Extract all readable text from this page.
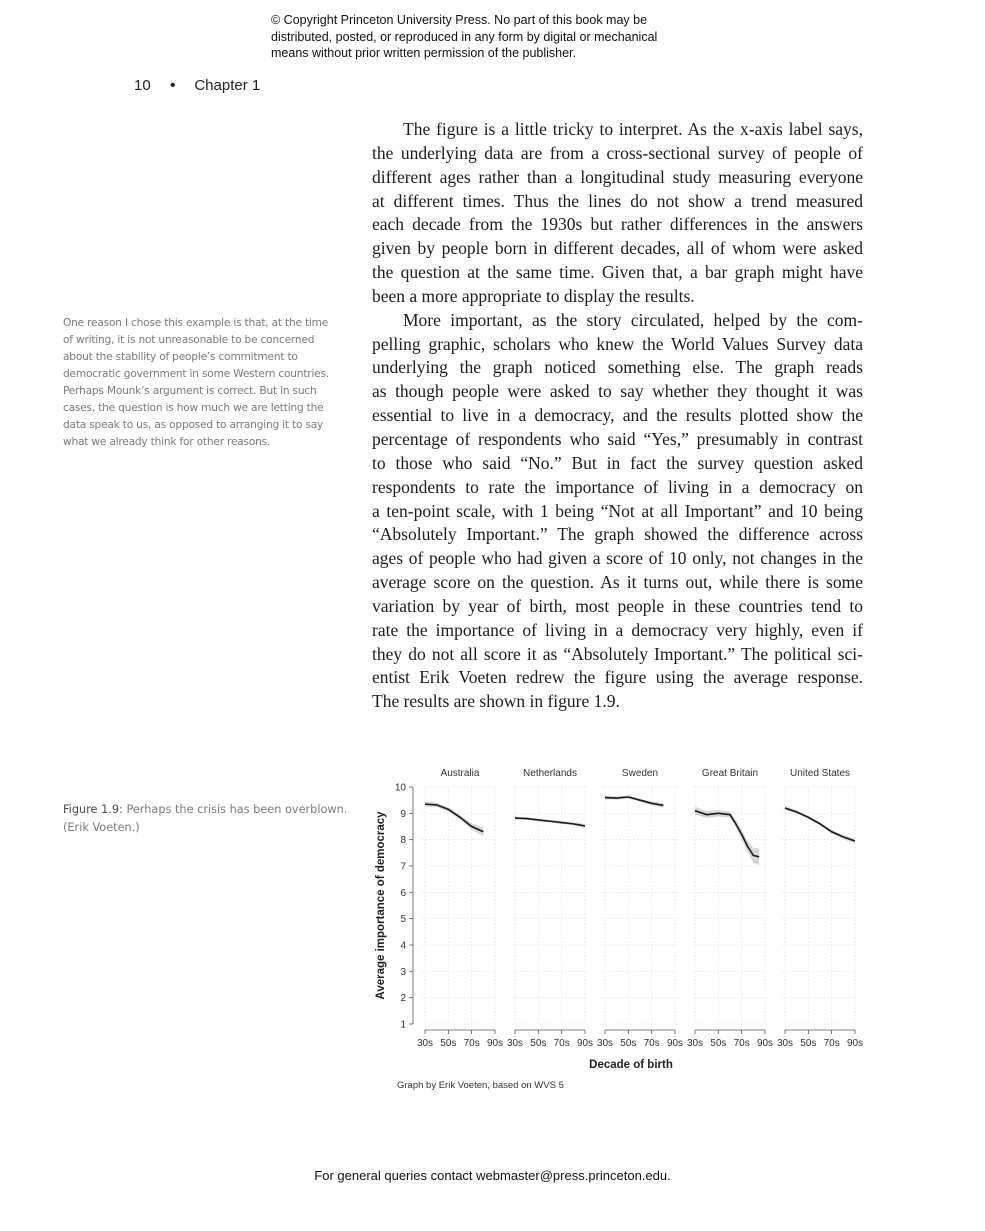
© Copyright Princeton University Press. No part of this book may be
distributed, posted, or reproduced in any form by digital or mechanical
means without prior written permission of the publisher.
10 • Chapter 1
The figure is a little tricky to interpret. As the x-axis label says,
the underlying data are from a cross-sectional survey of people of
different ages rather than a longitudinal study measuring everyone
at different times. Thus the lines do not show a trend measured
each decade from the 1930s but rather differences in the answers
given by people born in different decades, all of whom were asked
the question at the same time. Given that, a bar graph might have
been a more appropriate to display the results.
More important, as the story circulated, helped by the com-
pelling graphic, scholars who knew the World Values Survey data
underlying the graph noticed something else. The graph reads
as though people were asked to say whether they thought it was
essential to live in a democracy, and the results plotted show the
percentage of respondents who said “Yes,” presumably in contrast
to those who said “No.” But in fact the survey question asked
respondents to rate the importance of living in a democracy on
a ten-point scale, with 1 being “Not at all Important” and 10 being
“Absolutely Important.” The graph showed the difference across
ages of people who had given a score of 10 only, not changes in the
average score on the question. As it turns out, while there is some
variation by year of birth, most people in these countries tend to
rate the importance of living in a democracy very highly, even if
they do not all score it as “Absolutely Important.” The political sci-
entist Erik Voeten redrew the figure using the average response.
The results are shown in figure 1.9.
One reason I chose this example is that, at the time
of writing, it is not unreasonable to be concerned
about the stability of people’s commitment to
democratic government in some Western countries.
Perhaps Mounk’s argument is correct. But in such
cases, the question is how much we are letting the
data speak to us, as opposed to arranging it to say
what we already think for other reasons.
Figure 1.9: Perhaps the crisis has been overblown.
(Erik Voeten.)
1
2
3
4
5
6
7
8
9
10
Average importance of democracy
Australia
30s 50s 70s 90s
Netherlands
30s 50s 70s 90s
Sweden
30s 50s 70s 90s
Great Britain
30s 50s 70s 90s
United States
30s 50s 70s 90s
Decade of birth
Graph by Erik Voeten, based on WVS 5
For general queries contact webmaster@press.princeton.edu.
